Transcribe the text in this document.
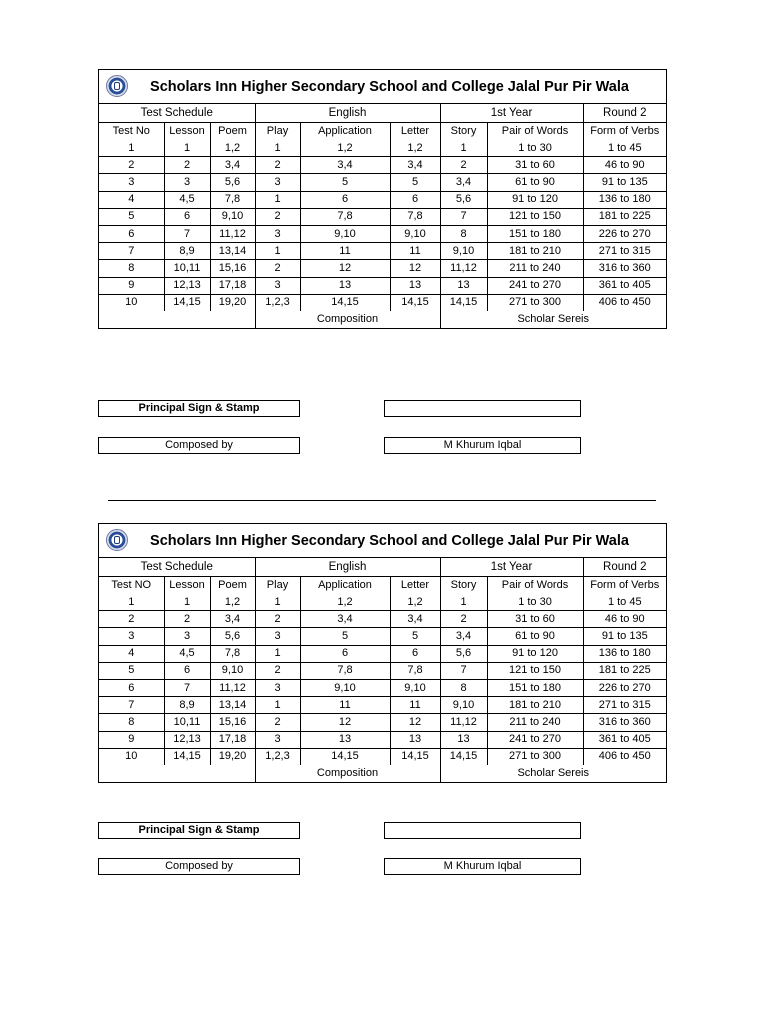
Scholars Inn Higher Secondary School and College Jalal Pur Pir Wala
Test Schedule			English			1st Year		Round 2
Test No	Lesson	Poem	Play	Application	Letter	Story	Pair of Words	Form of Verbs
1	1	1,2	1	1,2	1,2	1	1 to 30	1 to 45
2	2	3,4	2	3,4	3,4	2	31 to 60	46 to 90
3	3	5,6	3	5	5	3,4	61 to 90	91 to 135
4	4,5	7,8	1	6	6	5,6	91 to 120	136 to 180
5	6	9,10	2	7,8	7,8	7	121 to 150	181 to 225
6	7	11,12	3	9,10	9,10	8	151 to 180	226 to 270
7	8,9	13,14	1	11	11	9,10	181 to 210	271 to 315
8	10,11	15,16	2	12	12	11,12	211 to 240	316 to 360
9	12,13	17,18	3	13	13	13	241 to 270	361 to 405
10	14,15	19,20	1,2,3	14,15	14,15	14,15	271 to 300	406 to 450
			Composition			Scholar Sereis		
Principal Sign & Stamp
Composed by	M Khurum Iqbal
Scholars Inn Higher Secondary School and College Jalal Pur Pir Wala
Test Schedule			English			1st Year		Round 2
Test NO	Lesson	Poem	Play	Application	Letter	Story	Pair of Words	Form of Verbs
1	1	1,2	1	1,2	1,2	1	1 to 30	1 to 45
2	2	3,4	2	3,4	3,4	2	31 to 60	46 to 90
3	3	5,6	3	5	5	3,4	61 to 90	91 to 135
4	4,5	7,8	1	6	6	5,6	91 to 120	136 to 180
5	6	9,10	2	7,8	7,8	7	121 to 150	181 to 225
6	7	11,12	3	9,10	9,10	8	151 to 180	226 to 270
7	8,9	13,14	1	11	11	9,10	181 to 210	271 to 315
8	10,11	15,16	2	12	12	11,12	211 to 240	316 to 360
9	12,13	17,18	3	13	13	13	241 to 270	361 to 405
10	14,15	19,20	1,2,3	14,15	14,15	14,15	271 to 300	406 to 450
			Composition			Scholar Sereis		
Principal Sign & Stamp
Composed by	M Khurum Iqbal
